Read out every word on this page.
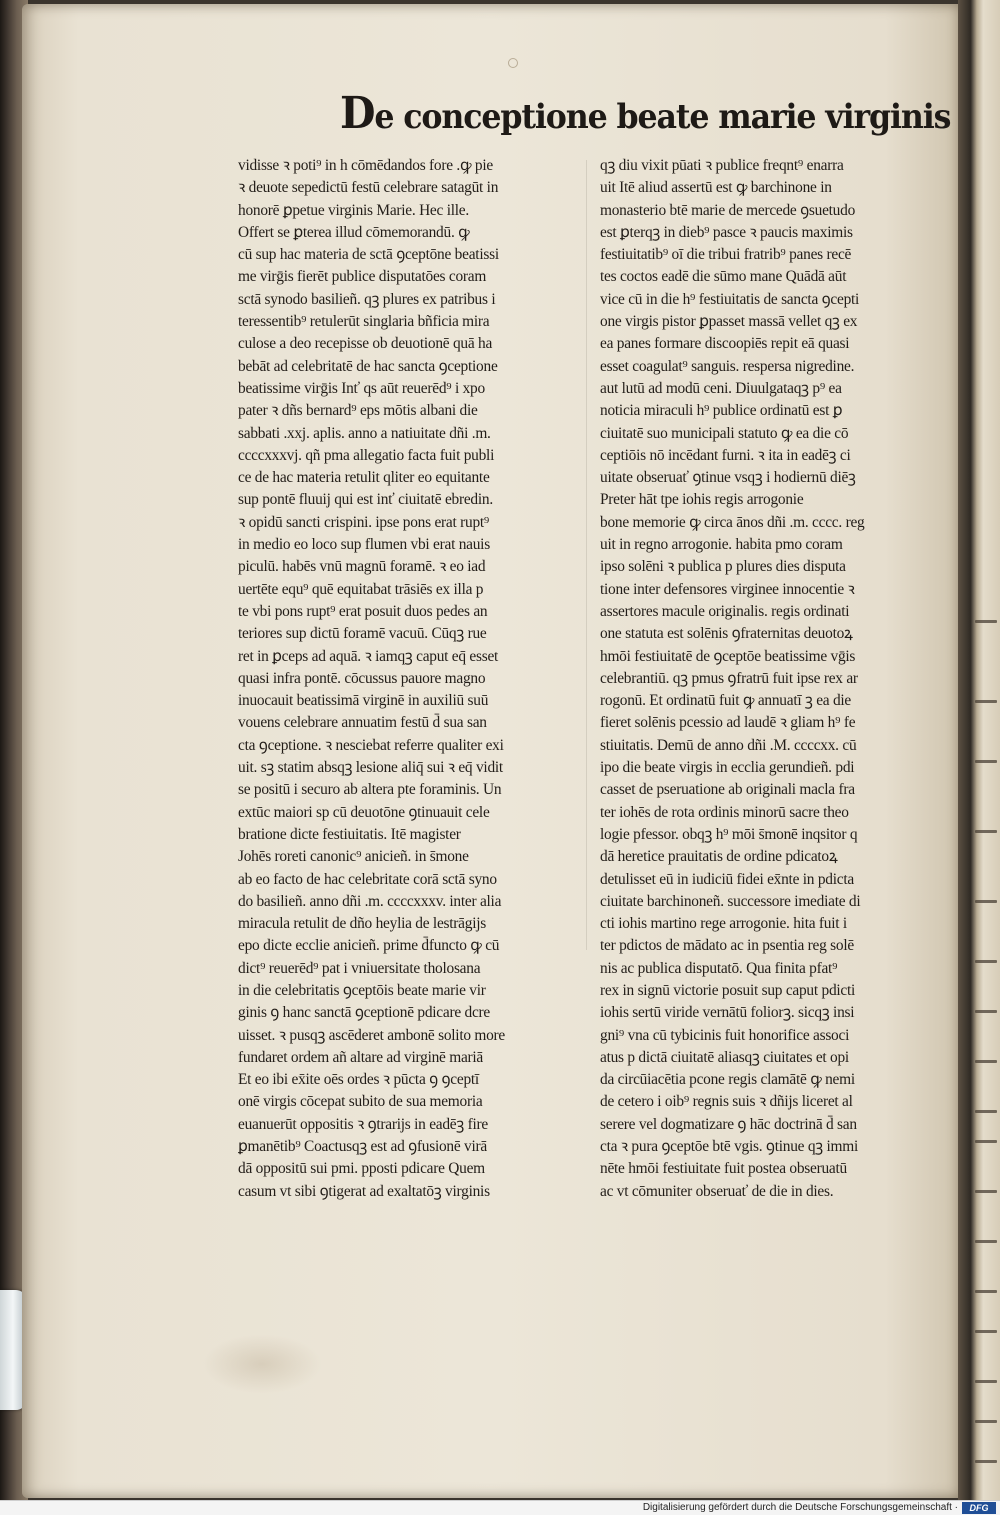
De conceptione beate marie virginis
vidisse ꝛ poti⁹ in h cōmēdandos fore .ꝙ pie
ꝛ deuote sepedictū festū celebrare satagūt in
honorē ꝑpetue virginis Marie. Hec ille.
Offert se ꝑterea illud cōmemorandū. ꝙ
cū sup hac materia de sctā ꝯceptōne beatissi
me virḡis fierēt publice disputatōes coram
sctā synodo basilieñ. qꝫ plures ex patribus i
teressentib⁹ retulerūt singlaria bñficia mira
culose a deo recepisse ob deuotionē quā ha
bebāt ad celebritatē de hac sancta ꝯceptione
beatissime virḡis Inť qs aūt reuerēd⁹ i xpo
pater ꝛ dñs bernard⁹ eps mōtis albani die
sabbati .xxj. aplis. anno a natiuitate dñi .m.
ccccxxxvj. qñ pma allegatio facta fuit publi
ce de hac materia retulit qliter eo equitante
sup pontē fluuij qui est inť ciuitatē ebredin.
ꝛ opidū sancti crispini. ipse pons erat rupt⁹
in medio eo loco sup flumen vbi erat nauis
piculū. habēs vnū magnū foramē. ꝛ eo iad
uertēte equ⁹ quē equitabat trāsiēs ex illa p
te vbi pons rupt⁹ erat posuit duos pedes an
teriores sup dictū foramē vacuū. Cūqꝫ rue
ret in ꝑceps ad aquā. ꝛ iamqꝫ caput eq̄ esset
quasi infra pontē. cōcussus pauore magno
inuocauit beatissimā virginē in auxiliū suū
vouens celebrare annuatim festū d̄ sua san
cta ꝯceptione. ꝛ nesciebat referre qualiter exi
uit. sꝫ statim absqꝫ lesione aliq̄ sui ꝛ eq̄ vidit
se positū i securo ab altera pte foraminis. Un
extūc maiori sp cū deuotōne ꝯtinuauit cele
bratione dicte festiuitatis. Itē magister
Johēs roreti canonic⁹ anicieñ. in s̄mone
ab eo facto de hac celebritate corā sctā syno
do basilieñ. anno dñi .m. ccccxxxv. inter alia
miracula retulit de dño heylia de lestrāgijs
epo dicte ecclie anicieñ. prime d̄functo ꝙ cū
dict⁹ reuerēd⁹ pat i vniuersitate tholosana
in die celebritatis ꝯceptōis beate marie vir
ginis ꝯ hanc sanctā ꝯceptionē pdicare dcre
uisset. ꝛ pusqꝫ ascēderet ambonē solito more
fundaret ordem añ altare ad virginē mariā
Et eo ibi ex̄ite oēs ordes ꝛ pūcta ꝯ ꝯceptī
onē virgis cōcepat subito de sua memoria
euanuerūt oppositis ꝛ ꝯtrarijs in eadēꝫ fire
ꝑmanētib⁹ Coactusqꝫ est ad ꝯfusionē virā
dā oppositū sui pmi. pposti pdicare Quem
casum vt sibi ꝯtigerat ad exaltatōꝫ virginis
qꝫ diu vixit pūati ꝛ publice freqnt⁹ enarra
uit Itē aliud assertū est ꝙ barchinone in
monasterio btē marie de mercede ꝯsuetudo
est ꝑterqꝫ in dieb⁹ pasce ꝛ paucis maximis
festiuitatib⁹ oī die tribui fratrib⁹ panes recē
tes coctos eadē die sūmo mane Quādā aūt
vice cū in die h⁹ festiuitatis de sancta ꝯcepti
one virgis pistor ꝑpasset massā vellet qꝫ ex
ea panes formare discoopiēs repit eā quasi
esset coagulat⁹ sanguis. respersa nigredine.
aut lutū ad modū ceni. Diuulgataqꝫ p⁹ ea
noticia miraculi h⁹ publice ordinatū est ꝑ
ciuitatē suo municipali statuto ꝙ ea die cō
ceptiōis nō incēdant furni. ꝛ ita in eadēꝫ ci
uitate obseruať ꝯtinue vsqꝫ i hodiernū diēꝫ
Preter hāt tpe iohis regis arrogonie
bone memorie ꝙ circa ānos dñi .m. cccc. reg
uit in regno arrogonie. habita pmo coram
ipso solēni ꝛ publica p plures dies disputa
tione inter defensores virginee innocentie ꝛ
assertores macule originalis. regis ordinati
one statuta est solēnis ꝯfraternitas deuotoꝝ
hmōi festiuitatē de ꝯceptōe beatissime vḡis
celebrantiū. qꝫ pmus ꝯfratrū fuit ipse rex ar
rogonū. Et ordinatū fuit ꝙ annuatī ꝫ ea die
fieret solēnis pcessio ad laudē ꝛ gliam h⁹ fe
stiuitatis. Demū de anno dñi .M. ccccxx. cū
ipo die beate virgis in ecclia gerundieñ. pdi
casset de pseruatione ab originali macla fra
ter iohēs de rota ordinis minorū sacre theo
logie pfessor. obqꝫ h⁹ mōi s̄monē inqsitor q
dā heretice prauitatis de ordine pdicatoꝝ
detulisset eū in iudiciū fidei ex̄nte in pdicta
ciuitate barchinoneñ. successore imediate di
cti iohis martino rege arrogonie. hita fuit i
ter pdictos de mādato ac in psentia reg solē
nis ac publica disputatō. Qua finita pfat⁹
rex in signū victorie posuit sup caput pdicti
iohis sertū viride vernātū foliorꝫ. sicqꝫ insi
gni⁹ vna cū tybicinis fuit honorifice associ
atus p dictā ciuitatē aliasqꝫ ciuitates et opi
da circūiacētia pcone regis clamātē ꝙ nemi
de cetero i oib⁹ regnis suis ꝛ dñijs liceret al
serere vel dogmatizare ꝯ hāc doctrinā d̄ san
cta ꝛ pura ꝯceptōe btē vgis. ꝯtinue qꝫ immi
nēte hmōi festiuitate fuit postea obseruatū
ac vt cōmuniter obseruať de die in dies.
Digitalisierung gefördert durch die Deutsche Forschungsgemeinschaft ·	DFG
